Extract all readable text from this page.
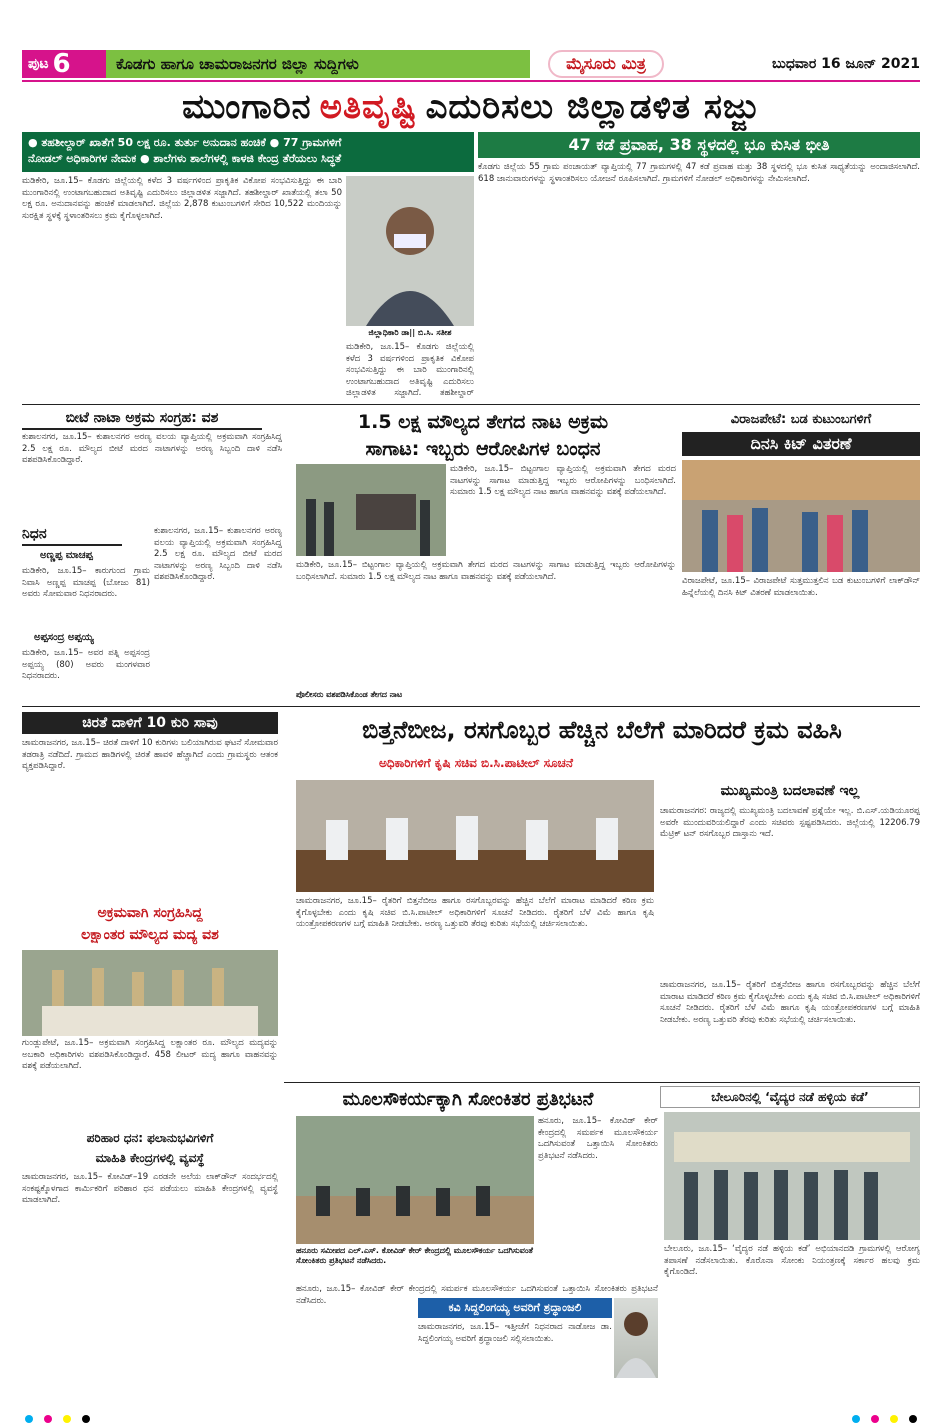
ಪುಟ 6	ಕೊಡಗು ಹಾಗೂ ಚಾಮರಾಜನಗರ ಜಿಲ್ಲಾ ಸುದ್ದಿಗಳು	ಮೈಸೂರು ಮಿತ್ರ	ಬುಧವಾರ 16 ಜೂನ್ 2021
ಮುಂಗಾರಿನ ಅತಿವೃಷ್ಟಿ ಎದುರಿಸಲು ಜಿಲ್ಲಾಡಳಿತ ಸಜ್ಜು
● ತಹಶೀಲ್ದಾರ್ ಖಾತೆಗೆ 50 ಲಕ್ಷ ರೂ. ತುರ್ತು ಅನುದಾನ ಹಂಚಿಕೆ ● 77 ಗ್ರಾಮಗಳಿಗೆ
ನೋಡಲ್ ಅಧಿಕಾರಿಗಳ ನೇಮಕ ● ಶಾಲೆಗಳು ಶಾಲೆಗಳಲ್ಲಿ ಕಾಳಜಿ ಕೇಂದ್ರ ತೆರೆಯಲು ಸಿದ್ಧತೆ
47 ಕಡೆ ಪ್ರವಾಹ, 38 ಸ್ಥಳದಲ್ಲಿ ಭೂ ಕುಸಿತ ಭೀತಿ
ಮಡಿಕೇರಿ, ಜೂ.15– ಕೊಡಗು ಜಿಲ್ಲೆಯಲ್ಲಿ ಕಳೆದ 3 ವರ್ಷಗಳಿಂದ ಪ್ರಾಕೃತಿಕ ವಿಕೋಪ ಸಂಭವಿಸುತ್ತಿದ್ದು ಈ ಬಾರಿ ಮುಂಗಾರಿನಲ್ಲಿ ಉಂಟಾಗಬಹುದಾದ ಅತಿವೃಷ್ಟಿ ಎದುರಿಸಲು ಜಿಲ್ಲಾಡಳಿತ ಸಜ್ಜಾಗಿದೆ. ತಹಶೀಲ್ದಾರ್ ಖಾತೆಯಲ್ಲಿ ತಲಾ 50 ಲಕ್ಷ ರೂ. ಅನುದಾನವನ್ನು ಹಂಚಿಕೆ ಮಾಡಲಾಗಿದೆ. ಜಿಲ್ಲೆಯ 2,878 ಕುಟುಂಬಗಳಿಗೆ ಸೇರಿದ 10,522 ಮಂದಿಯನ್ನು ಸುರಕ್ಷಿತ ಸ್ಥಳಕ್ಕೆ ಸ್ಥಳಾಂತರಿಸಲು ಕ್ರಮ ಕೈಗೊಳ್ಳಲಾಗಿದೆ.
ಜಿಲ್ಲಾಧಿಕಾರಿ ಡಾ|| ಬಿ.ಸಿ. ಸತೀಶ
ಮಡಿಕೇರಿ, ಜೂ.15– ಕೊಡಗು ಜಿಲ್ಲೆಯಲ್ಲಿ ಕಳೆದ 3 ವರ್ಷಗಳಿಂದ ಪ್ರಾಕೃತಿಕ ವಿಕೋಪ ಸಂಭವಿಸುತ್ತಿದ್ದು ಈ ಬಾರಿ ಮುಂಗಾರಿನಲ್ಲಿ ಉಂಟಾಗಬಹುದಾದ ಅತಿವೃಷ್ಟಿ ಎದುರಿಸಲು ಜಿಲ್ಲಾಡಳಿತ ಸಜ್ಜಾಗಿದೆ. ತಹಶೀಲ್ದಾರ್
ಕೊಡಗು ಜಿಲ್ಲೆಯ 55 ಗ್ರಾಮ ಪಂಚಾಯತ್ ವ್ಯಾಪ್ತಿಯಲ್ಲಿ 77 ಗ್ರಾಮಗಳಲ್ಲಿ 47 ಕಡೆ ಪ್ರವಾಹ ಮತ್ತು 38 ಸ್ಥಳದಲ್ಲಿ ಭೂ ಕುಸಿತ ಸಾಧ್ಯತೆಯನ್ನು ಅಂದಾಜಿಸಲಾಗಿದೆ. 618 ಜಾನುವಾರುಗಳನ್ನು ಸ್ಥಳಾಂತರಿಸಲು ಯೋಜನೆ ರೂಪಿಸಲಾಗಿದೆ. ಗ್ರಾಮಗಳಿಗೆ ನೋಡಲ್ ಅಧಿಕಾರಿಗಳನ್ನು ನೇಮಿಸಲಾಗಿದೆ.
ಬೀಟೆ ನಾಟಾ ಅಕ್ರಮ ಸಂಗ್ರಹ: ವಶ
ಕುಶಾಲನಗರ, ಜೂ.15– ಕುಶಾಲನಗರ ಅರಣ್ಯ ವಲಯ ವ್ಯಾಪ್ತಿಯಲ್ಲಿ ಅಕ್ರಮವಾಗಿ ಸಂಗ್ರಹಿಸಿದ್ದ 2.5 ಲಕ್ಷ ರೂ. ಮೌಲ್ಯದ ಬೀಟೆ ಮರದ ನಾಟಾಗಳನ್ನು ಅರಣ್ಯ ಸಿಬ್ಬಂದಿ ದಾಳಿ ನಡೆಸಿ ವಶಪಡಿಸಿಕೊಂಡಿದ್ದಾರೆ.
ನಿಧನ
ಅಣ್ಣಪ್ಪ ಮಾಚಪ್ಪ
ಮಡಿಕೇರಿ, ಜೂ.15– ಕಾರುಗುಂದ ಗ್ರಾಮ ನಿವಾಸಿ ಅಣ್ಣಪ್ಪ ಮಾಚಪ್ಪ (ಬೋಜು 81) ಅವರು ಸೋಮವಾರ ನಿಧನರಾದರು.
ಅಪ್ಪಸಂದ್ರ ಅಪ್ಪಯ್ಯ
ಮಡಿಕೇರಿ, ಜೂ.15– ಅವರ ಪತ್ನಿ ಅಪ್ಪಸಂದ್ರ ಅಪ್ಪಯ್ಯ (80) ಅವರು ಮಂಗಳವಾರ ನಿಧನರಾದರು.
ಕುಶಾಲನಗರ, ಜೂ.15– ಕುಶಾಲನಗರ ಅರಣ್ಯ ವಲಯ ವ್ಯಾಪ್ತಿಯಲ್ಲಿ ಅಕ್ರಮವಾಗಿ ಸಂಗ್ರಹಿಸಿದ್ದ 2.5 ಲಕ್ಷ ರೂ. ಮೌಲ್ಯದ ಬೀಟೆ ಮರದ ನಾಟಾಗಳನ್ನು ಅರಣ್ಯ ಸಿಬ್ಬಂದಿ ದಾಳಿ ನಡೆಸಿ ವಶಪಡಿಸಿಕೊಂಡಿದ್ದಾರೆ.
1.5 ಲಕ್ಷ ಮೌಲ್ಯದ ತೇಗದ ನಾಟ ಅಕ್ರಮ
ಸಾಗಾಟ: ಇಬ್ಬರು ಆರೋಪಿಗಳ ಬಂಧನ
ಮಡಿಕೇರಿ, ಜೂ.15– ಬಿಟ್ಟಂಗಾಲ ವ್ಯಾಪ್ತಿಯಲ್ಲಿ ಅಕ್ರಮವಾಗಿ ತೇಗದ ಮರದ ನಾಟಗಳನ್ನು ಸಾಗಾಟ ಮಾಡುತ್ತಿದ್ದ ಇಬ್ಬರು ಆರೋಪಿಗಳನ್ನು ಬಂಧಿಸಲಾಗಿದೆ. ಸುಮಾರು 1.5 ಲಕ್ಷ ಮೌಲ್ಯದ ನಾಟ ಹಾಗೂ ವಾಹನವನ್ನು ವಶಕ್ಕೆ ಪಡೆಯಲಾಗಿದೆ.
ಮಡಿಕೇರಿ, ಜೂ.15– ಬಿಟ್ಟಂಗಾಲ ವ್ಯಾಪ್ತಿಯಲ್ಲಿ ಅಕ್ರಮವಾಗಿ ತೇಗದ ಮರದ ನಾಟಗಳನ್ನು ಸಾಗಾಟ ಮಾಡುತ್ತಿದ್ದ ಇಬ್ಬರು ಆರೋಪಿಗಳನ್ನು ಬಂಧಿಸಲಾಗಿದೆ. ಸುಮಾರು 1.5 ಲಕ್ಷ ಮೌಲ್ಯದ ನಾಟ ಹಾಗೂ ವಾಹನವನ್ನು ವಶಕ್ಕೆ ಪಡೆಯಲಾಗಿದೆ.
ಪೊಲೀಸರು ವಶಪಡಿಸಿಕೊಂಡ ತೇಗದ ನಾಟ
ವಿರಾಜಪೇಟೆ: ಬಡ ಕುಟುಂಬಗಳಿಗೆ
ದಿನಸಿ ಕಿಟ್ ವಿತರಣೆ
ವಿರಾಜಪೇಟೆ, ಜೂ.15– ವಿರಾಜಪೇಟೆ ಸುತ್ತಮುತ್ತಲಿನ ಬಡ ಕುಟುಂಬಗಳಿಗೆ ಲಾಕ್‌ಡೌನ್ ಹಿನ್ನೆಲೆಯಲ್ಲಿ ದಿನಸಿ ಕಿಟ್ ವಿತರಣೆ ಮಾಡಲಾಯಿತು.
ಚಿರತೆ ದಾಳಿಗೆ 10 ಕುರಿ ಸಾವು
ಚಾಮರಾಜನಗರ, ಜೂ.15– ಚಿರತೆ ದಾಳಿಗೆ 10 ಕುರಿಗಳು ಬಲಿಯಾಗಿರುವ ಘಟನೆ ಸೋಮವಾರ ತಡರಾತ್ರಿ ನಡೆದಿದೆ. ಗ್ರಾಮದ ಹಾಡಿಗಳಲ್ಲಿ ಚಿರತೆ ಹಾವಳಿ ಹೆಚ್ಚಾಗಿದೆ ಎಂದು ಗ್ರಾಮಸ್ಥರು ಆತಂಕ ವ್ಯಕ್ತಪಡಿಸಿದ್ದಾರೆ.
ಅಕ್ರಮವಾಗಿ ಸಂಗ್ರಹಿಸಿದ್ದ
ಲಕ್ಷಾಂತರ ಮೌಲ್ಯದ ಮದ್ಯ ವಶ
ಗುಂಡ್ಲುಪೇಟೆ, ಜೂ.15– ಅಕ್ರಮವಾಗಿ ಸಂಗ್ರಹಿಸಿದ್ದ ಲಕ್ಷಾಂತರ ರೂ. ಮೌಲ್ಯದ ಮದ್ಯವನ್ನು ಅಬಕಾರಿ ಅಧಿಕಾರಿಗಳು ವಶಪಡಿಸಿಕೊಂಡಿದ್ದಾರೆ. 458 ಲೀಟರ್ ಮದ್ಯ ಹಾಗೂ ವಾಹನವನ್ನು ವಶಕ್ಕೆ ಪಡೆಯಲಾಗಿದೆ.
ಪರಿಹಾರ ಧನ: ಫಲಾನುಭವಿಗಳಿಗೆ
ಮಾಹಿತಿ ಕೇಂದ್ರಗಳಲ್ಲಿ ವ್ಯವಸ್ಥೆ
ಚಾಮರಾಜನಗರ, ಜೂ.15– ಕೋವಿಡ್–19 ಎರಡನೇ ಅಲೆಯ ಲಾಕ್‌ಡೌನ್ ಸಂದರ್ಭದಲ್ಲಿ ಸಂಕಷ್ಟಕ್ಕೊಳಗಾದ ಕಾರ್ಮಿಕರಿಗೆ ಪರಿಹಾರ ಧನ ಪಡೆಯಲು ಮಾಹಿತಿ ಕೇಂದ್ರಗಳಲ್ಲಿ ವ್ಯವಸ್ಥೆ ಮಾಡಲಾಗಿದೆ.
ಬಿತ್ತನೆಬೀಜ, ರಸಗೊಬ್ಬರ ಹೆಚ್ಚಿನ ಬೆಲೆಗೆ ಮಾರಿದರೆ ಕ್ರಮ ವಹಿಸಿ
ಅಧಿಕಾರಿಗಳಿಗೆ ಕೃಷಿ ಸಚಿವ ಬಿ.ಸಿ.ಪಾಟೀಲ್ ಸೂಚನೆ
ಚಾಮರಾಜನಗರ, ಜೂ.15– ರೈತರಿಗೆ ಬಿತ್ತನೆಬೀಜ ಹಾಗೂ ರಸಗೊಬ್ಬರವನ್ನು ಹೆಚ್ಚಿನ ಬೆಲೆಗೆ ಮಾರಾಟ ಮಾಡಿದರೆ ಕಠಿಣ ಕ್ರಮ ಕೈಗೊಳ್ಳಬೇಕು ಎಂದು ಕೃಷಿ ಸಚಿವ ಬಿ.ಸಿ.ಪಾಟೀಲ್ ಅಧಿಕಾರಿಗಳಿಗೆ ಸೂಚನೆ ನೀಡಿದರು. ರೈತರಿಗೆ ಬೆಳೆ ವಿಮೆ ಹಾಗೂ ಕೃಷಿ ಯಂತ್ರೋಪಕರಣಗಳ ಬಗ್ಗೆ ಮಾಹಿತಿ ನೀಡಬೇಕು. ಅರಣ್ಯ ಒತ್ತುವರಿ ತೆರವು ಕುರಿತು ಸಭೆಯಲ್ಲಿ ಚರ್ಚಿಸಲಾಯಿತು.
ಮುಖ್ಯಮಂತ್ರಿ ಬದಲಾವಣೆ ಇಲ್ಲ
ಚಾಮರಾಜನಗರ: ರಾಜ್ಯದಲ್ಲಿ ಮುಖ್ಯಮಂತ್ರಿ ಬದಲಾವಣೆ ಪ್ರಶ್ನೆಯೇ ಇಲ್ಲ. ಬಿ.ಎಸ್.ಯಡಿಯೂರಪ್ಪ ಅವರೇ ಮುಂದುವರಿಯಲಿದ್ದಾರೆ ಎಂದು ಸಚಿವರು ಸ್ಪಷ್ಟಪಡಿಸಿದರು. ಜಿಲ್ಲೆಯಲ್ಲಿ 12206.79 ಮೆಟ್ರಿಕ್ ಟನ್ ರಸಗೊಬ್ಬರ ದಾಸ್ತಾನು ಇದೆ.
ಚಾಮರಾಜನಗರ, ಜೂ.15– ರೈತರಿಗೆ ಬಿತ್ತನೆಬೀಜ ಹಾಗೂ ರಸಗೊಬ್ಬರವನ್ನು ಹೆಚ್ಚಿನ ಬೆಲೆಗೆ ಮಾರಾಟ ಮಾಡಿದರೆ ಕಠಿಣ ಕ್ರಮ ಕೈಗೊಳ್ಳಬೇಕು ಎಂದು ಕೃಷಿ ಸಚಿವ ಬಿ.ಸಿ.ಪಾಟೀಲ್ ಅಧಿಕಾರಿಗಳಿಗೆ ಸೂಚನೆ ನೀಡಿದರು. ರೈತರಿಗೆ ಬೆಳೆ ವಿಮೆ ಹಾಗೂ ಕೃಷಿ ಯಂತ್ರೋಪಕರಣಗಳ ಬಗ್ಗೆ ಮಾಹಿತಿ ನೀಡಬೇಕು. ಅರಣ್ಯ ಒತ್ತುವರಿ ತೆರವು ಕುರಿತು ಸಭೆಯಲ್ಲಿ ಚರ್ಚಿಸಲಾಯಿತು.
ಮೂಲಸೌಕರ್ಯಕ್ಕಾಗಿ ಸೋಂಕಿತರ ಪ್ರತಿಭಟನೆ
ಹನೂರು ಸಮೀಪದ ಎಲ್.ಎಸ್. ಕೋವಿಡ್ ಕೇರ್ ಕೇಂದ್ರದಲ್ಲಿ ಮೂಲಸೌಕರ್ಯ ಒದಗಿಸುವಂತೆ ಸೋಂಕಿತರು ಪ್ರತಿಭಟನೆ ನಡೆಸಿದರು.
ಹನೂರು, ಜೂ.15– ಕೋವಿಡ್ ಕೇರ್ ಕೇಂದ್ರದಲ್ಲಿ ಸಮರ್ಪಕ ಮೂಲಸೌಕರ್ಯ ಒದಗಿಸುವಂತೆ ಒತ್ತಾಯಿಸಿ ಸೋಂಕಿತರು ಪ್ರತಿಭಟನೆ ನಡೆಸಿದರು.
ಹನೂರು, ಜೂ.15– ಕೋವಿಡ್ ಕೇರ್ ಕೇಂದ್ರದಲ್ಲಿ ಸಮರ್ಪಕ ಮೂಲಸೌಕರ್ಯ ಒದಗಿಸುವಂತೆ ಒತ್ತಾಯಿಸಿ ಸೋಂಕಿತರು ಪ್ರತಿಭಟನೆ ನಡೆಸಿದರು.
ಬೇಲೂರಿನಲ್ಲಿ ‘ವೈದ್ಯರ ನಡೆ ಹಳ್ಳಿಯ ಕಡೆ’
ಬೇಲೂರು, ಜೂ.15– ‘ವೈದ್ಯರ ನಡೆ ಹಳ್ಳಿಯ ಕಡೆ’ ಅಭಿಯಾನದಡಿ ಗ್ರಾಮಗಳಲ್ಲಿ ಆರೋಗ್ಯ ತಪಾಸಣೆ ನಡೆಸಲಾಯಿತು. ಕೊರೊನಾ ಸೋಂಕು ನಿಯಂತ್ರಣಕ್ಕೆ ಸರ್ಕಾರ ಹಲವು ಕ್ರಮ ಕೈಗೊಂಡಿದೆ.
ಕವಿ ಸಿದ್ದಲಿಂಗಯ್ಯ ಅವರಿಗೆ ಶ್ರದ್ಧಾಂಜಲಿ
ಚಾಮರಾಜನಗರ, ಜೂ.15– ಇತ್ತೀಚೆಗೆ ನಿಧನರಾದ ನಾಡೋಜ ಡಾ. ಸಿದ್ದಲಿಂಗಯ್ಯ ಅವರಿಗೆ ಶ್ರದ್ಧಾಂಜಲಿ ಸಲ್ಲಿಸಲಾಯಿತು.
